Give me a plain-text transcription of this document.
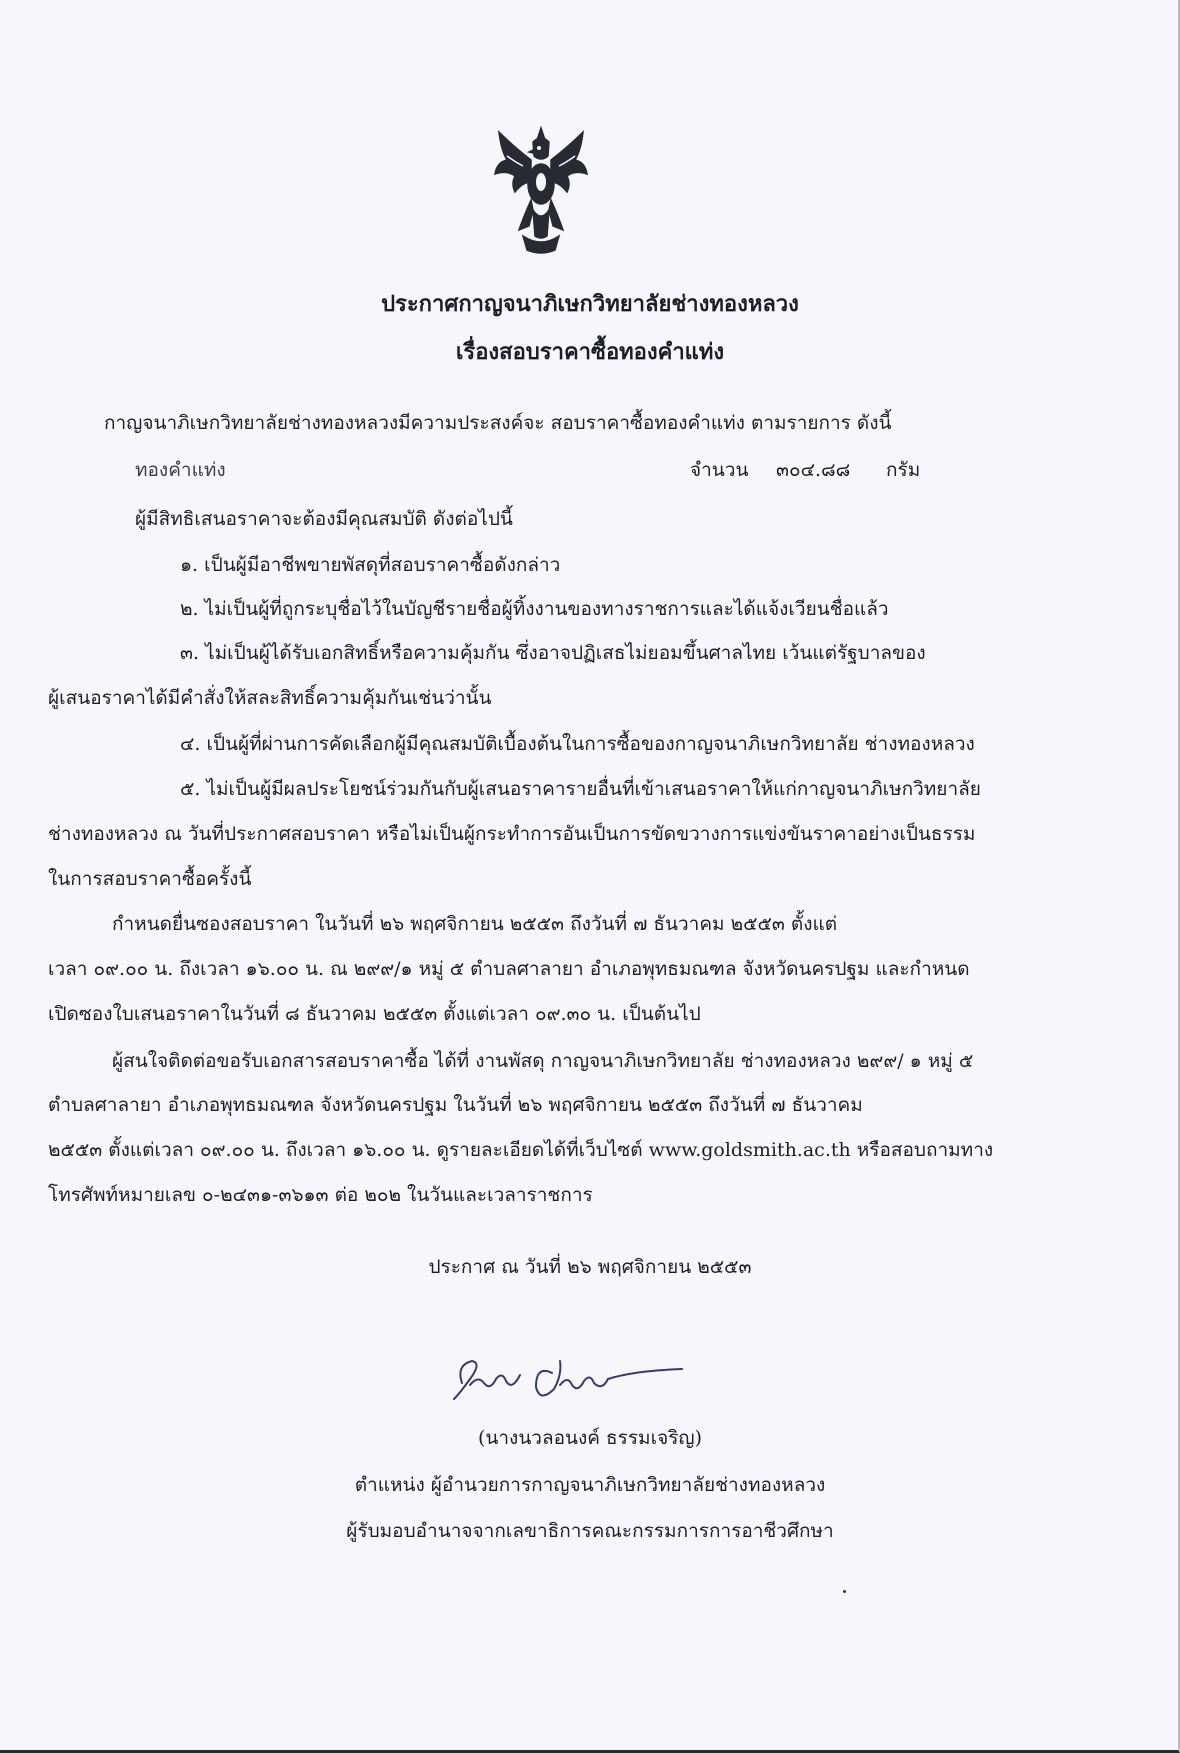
ประกาศกาญจนาภิเษกวิทยาลัยช่างทองหลวง
เรื่องสอบราคาซื้อทองคำแท่ง
กาญจนาภิเษกวิทยาลัยช่างทองหลวงมีความประสงค์จะ สอบราคาซื้อทองคำแท่ง ตามรายการ ดังนี้
ทองคำแท่ง	จำนวน ๓๐๔.๘๘ กรัม
ผู้มีสิทธิเสนอราคาจะต้องมีคุณสมบัติ ดังต่อไปนี้
๑. เป็นผู้มีอาชีพขายพัสดุที่สอบราคาซื้อดังกล่าว
๒. ไม่เป็นผู้ที่ถูกระบุชื่อไว้ในบัญชีรายชื่อผู้ทิ้งงานของทางราชการและได้แจ้งเวียนชื่อแล้ว
๓. ไม่เป็นผู้ได้รับเอกสิทธิ์หรือความคุ้มกัน ซึ่งอาจปฏิเสธไม่ยอมขึ้นศาลไทย เว้นแต่รัฐบาลของ
ผู้เสนอราคาได้มีคำสั่งให้สละสิทธิ์ความคุ้มกันเช่นว่านั้น
๔. เป็นผู้ที่ผ่านการคัดเลือกผู้มีคุณสมบัติเบื้องต้นในการซื้อของกาญจนาภิเษกวิทยาลัย ช่างทองหลวง
๕. ไม่เป็นผู้มีผลประโยชน์ร่วมกันกับผู้เสนอราคารายอื่นที่เข้าเสนอราคาให้แก่กาญจนาภิเษกวิทยาลัย
ช่างทองหลวง ณ วันที่ประกาศสอบราคา หรือไม่เป็นผู้กระทำการอันเป็นการขัดขวางการแข่งขันราคาอย่างเป็นธรรม
ในการสอบราคาซื้อครั้งนี้
กำหนดยื่นซองสอบราคา ในวันที่ ๒๖ พฤศจิกายน ๒๕๕๓ ถึงวันที่ ๗ ธันวาคม ๒๕๕๓ ตั้งแต่
เวลา ๐๙.๐๐ น. ถึงเวลา ๑๖.๐๐ น. ณ ๒๙๙/๑ หมู่ ๕ ตำบลศาลายา อำเภอพุทธมณฑล จังหวัดนครปฐม และกำหนด
เปิดซองใบเสนอราคาในวันที่ ๘ ธันวาคม ๒๕๕๓ ตั้งแต่เวลา ๐๙.๓๐ น. เป็นต้นไป
ผู้สนใจติดต่อขอรับเอกสารสอบราคาซื้อ ได้ที่ งานพัสดุ กาญจนาภิเษกวิทยาลัย ช่างทองหลวง ๒๙๙/ ๑ หมู่ ๕
ตำบลศาลายา อำเภอพุทธมณฑล จังหวัดนครปฐม ในวันที่ ๒๖ พฤศจิกายน ๒๕๕๓ ถึงวันที่ ๗ ธันวาคม
๒๕๕๓ ตั้งแต่เวลา ๐๙.๐๐ น. ถึงเวลา ๑๖.๐๐ น. ดูรายละเอียดได้ที่เว็บไซต์ www.goldsmith.ac.th หรือสอบถามทาง
โทรศัพท์หมายเลข ๐-๒๔๓๑-๓๖๑๓ ต่อ ๒๐๒ ในวันและเวลาราชการ
ประกาศ ณ วันที่ ๒๖ พฤศจิกายน ๒๕๕๓
(นางนวลอนงค์ ธรรมเจริญ)
ตำแหน่ง ผู้อำนวยการกาญจนาภิเษกวิทยาลัยช่างทองหลวง
ผู้รับมอบอำนาจจากเลขาธิการคณะกรรมการการอาชีวศึกษา
